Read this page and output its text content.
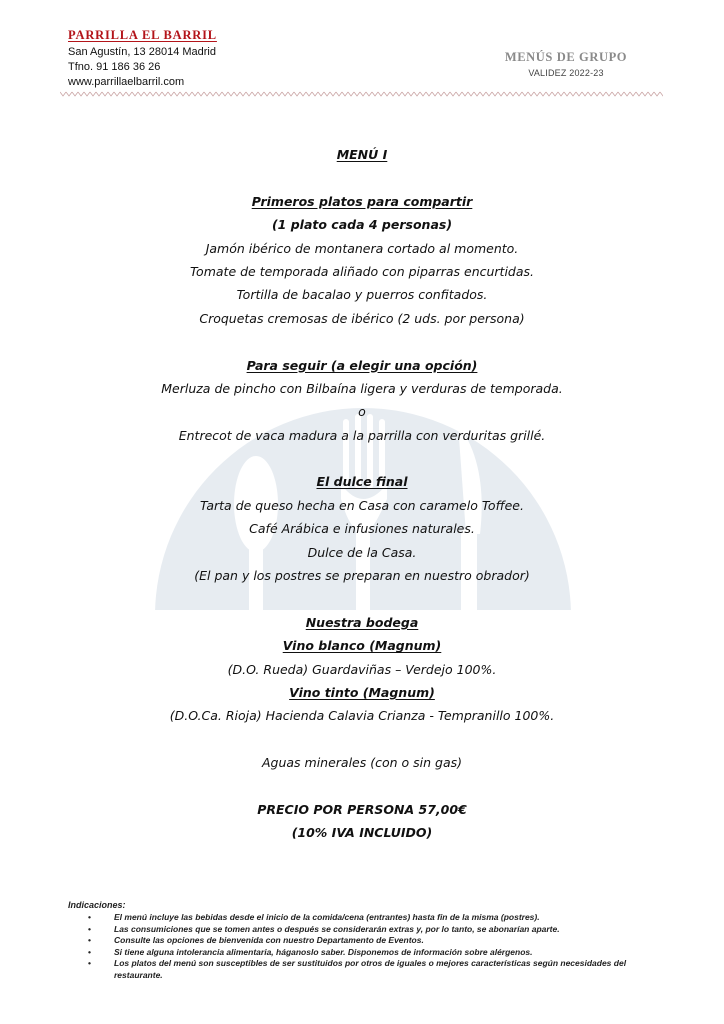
PARRILLA EL BARRIL
San Agustín, 13 28014 Madrid
Tfno. 91 186 36 26
www.parrillaelbarril.com
MENÚS DE GRUPO
VALIDEZ 2022-23
MENÚ I
Primeros platos para compartir
(1 plato cada 4 personas)
Jamón ibérico de montanera cortado al momento.
Tomate de temporada aliñado con piparras encurtidas.
Tortilla de bacalao y puerros confitados.
Croquetas cremosas de ibérico (2 uds. por persona)
Para seguir (a elegir una opción)
Merluza de pincho con Bilbaína ligera y verduras de temporada.
o
Entrecot de vaca madura a la parrilla con verduritas grillé.
El dulce final
Tarta de queso hecha en Casa con caramelo Toffee.
Café Arábica e infusiones naturales.
Dulce de la Casa.
(El pan y los postres se preparan en nuestro obrador)
Nuestra bodega
Vino blanco (Magnum)
(D.O. Rueda) Guardaviñas – Verdejo 100%.
Vino tinto (Magnum)
(D.O.Ca. Rioja) Hacienda Calavia Crianza - Tempranillo 100%.
Aguas minerales (con o sin gas)
PRECIO POR PERSONA 57,00€
(10% IVA INCLUIDO)
Indicaciones:
•	El menú incluye las bebidas desde el inicio de la comida/cena (entrantes) hasta fin de la misma (postres).
•	Las consumiciones que se tomen antes o después se considerarán extras y, por lo tanto, se abonarían aparte.
•	Consulte las opciones de bienvenida con nuestro Departamento de Eventos.
•	Si tiene alguna intolerancia alimentaria, háganoslo saber. Disponemos de información sobre alérgenos.
•	Los platos del menú son susceptibles de ser sustituidos por otros de iguales o mejores características según necesidades del restaurante.
